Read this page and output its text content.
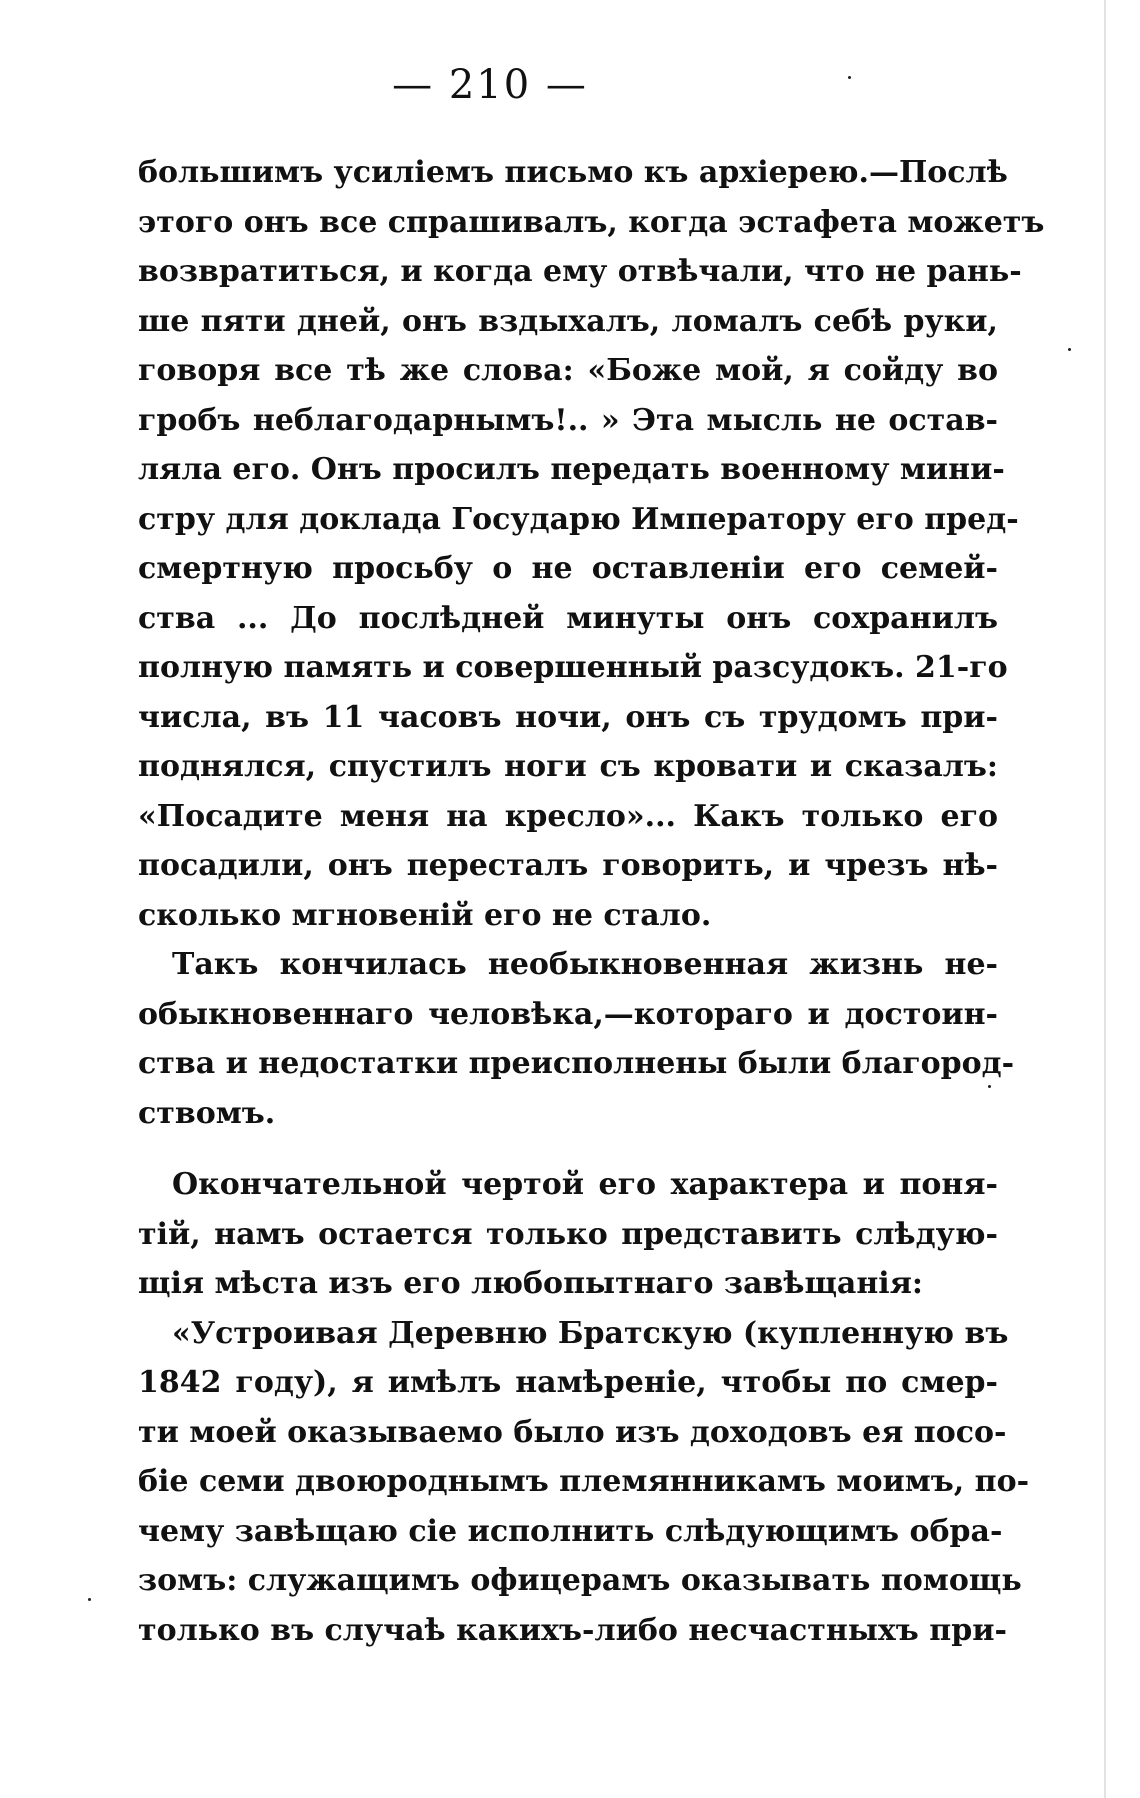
— 210 —
большимъ усиліемъ письмо къ архіерею.—Послѣ
этого онъ все спрашивалъ, когда эстафета можетъ
возвратиться, и когда ему отвѣчали, что не рань-
ше пяти дней, онъ вздыхалъ, ломалъ себѣ руки,
говоря все тѣ же слова: «Боже мой, я сойду во
гробъ неблагодарнымъ!.. » Эта мысль не остав-
ляла его. Онъ просилъ передать военному мини-
стру для доклада Государю Императору его пред-
смертную просьбу о не оставленіи его семей-
ства ... До послѣдней минуты онъ сохранилъ
полную память и совершенный разсудокъ. 21-го
числа, въ 11 часовъ ночи, онъ съ трудомъ при-
поднялся, спустилъ ноги съ кровати и сказалъ:
«Посадите меня на кресло»... Какъ только его
посадили, онъ пересталъ говорить, и чрезъ нѣ-
сколько мгновеній его не стало.
Такъ кончилась необыкновенная жизнь не-
обыкновеннаго человѣка,—котораго и достоин-
ства и недостатки преисполнены были благород-
ствомъ.
Окончательной чертой его характера и поня-
тій, намъ остается только представить слѣдую-
щія мѣста изъ его любопытнаго завѣщанія:
«Устроивая Деревню Братскую (купленную въ
1842 году), я имѣлъ намѣреніе, чтобы по смер-
ти моей оказываемо было изъ доходовъ ея посо-
біе семи двоюроднымъ племянникамъ моимъ, по-
чему завѣщаю сіе исполнить слѣдующимъ обра-
зомъ: служащимъ офицерамъ оказывать помощь
только въ случаѣ какихъ-либо несчастныхъ при-
